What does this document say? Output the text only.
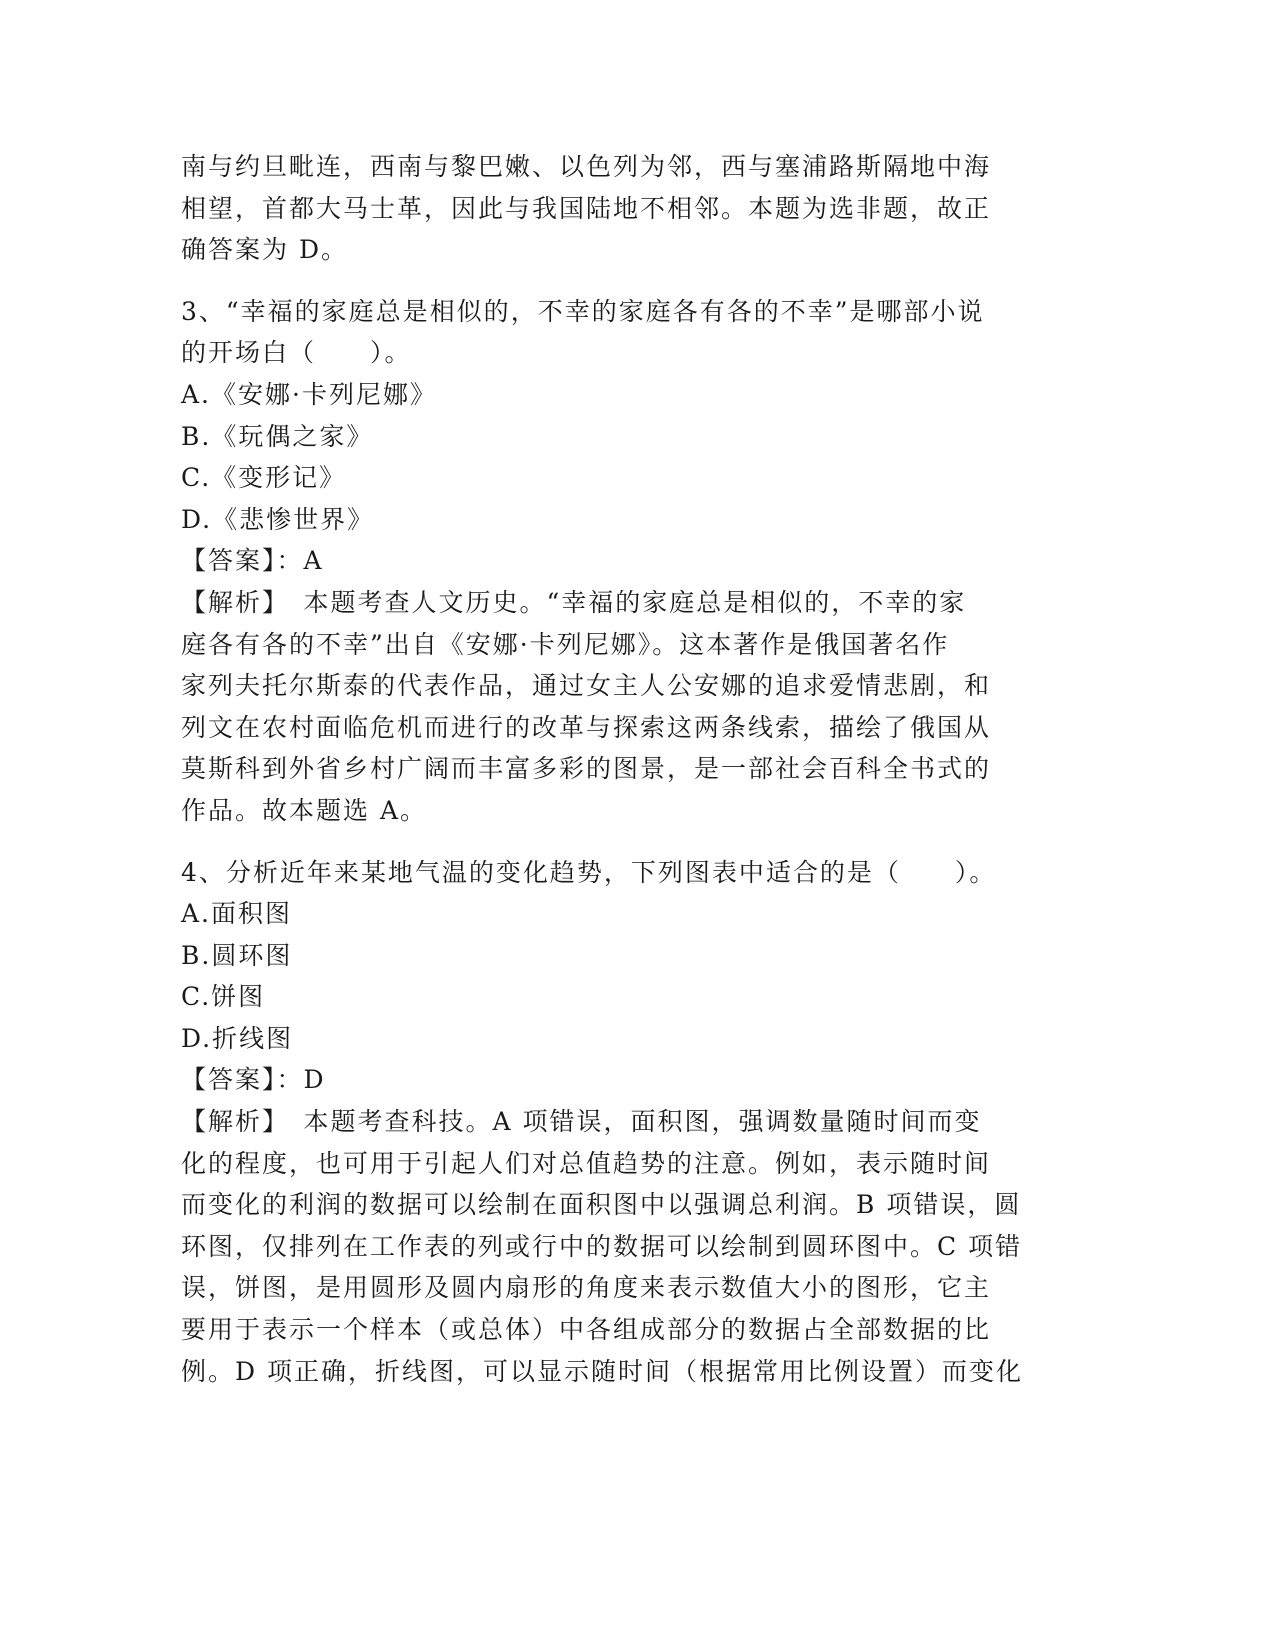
南与约旦毗连，西南与黎巴嫩、以色列为邻，西与塞浦路斯隔地中海
相望，首都大马士革，因此与我国陆地不相邻。本题为选非题，故正
确答案为 D。
3、“幸福的家庭总是相似的，不幸的家庭各有各的不幸”是哪部小说
的开场白（　　）。
A.《安娜·卡列尼娜》
B.《玩偶之家》
C.《变形记》
D.《悲惨世界》
【答案】：A
【解析】　本题考查人文历史。“幸福的家庭总是相似的，不幸的家
庭各有各的不幸”出自《安娜·卡列尼娜》。这本著作是俄国著名作
家列夫托尔斯泰的代表作品，通过女主人公安娜的追求爱情悲剧，和
列文在农村面临危机而进行的改革与探索这两条线索，描绘了俄国从
莫斯科到外省乡村广阔而丰富多彩的图景，是一部社会百科全书式的
作品。故本题选 A。
4、分析近年来某地气温的变化趋势，下列图表中适合的是（　　）。
A.面积图
B.圆环图
C.饼图
D.折线图
【答案】：D
【解析】　本题考查科技。A 项错误，面积图，强调数量随时间而变
化的程度，也可用于引起人们对总值趋势的注意。例如，表示随时间
而变化的利润的数据可以绘制在面积图中以强调总利润。B 项错误，圆
环图，仅排列在工作表的列或行中的数据可以绘制到圆环图中。C 项错
误，饼图，是用圆形及圆内扇形的角度来表示数值大小的图形，它主
要用于表示一个样本（或总体）中各组成部分的数据占全部数据的比
例。D 项正确，折线图，可以显示随时间（根据常用比例设置）而变化
